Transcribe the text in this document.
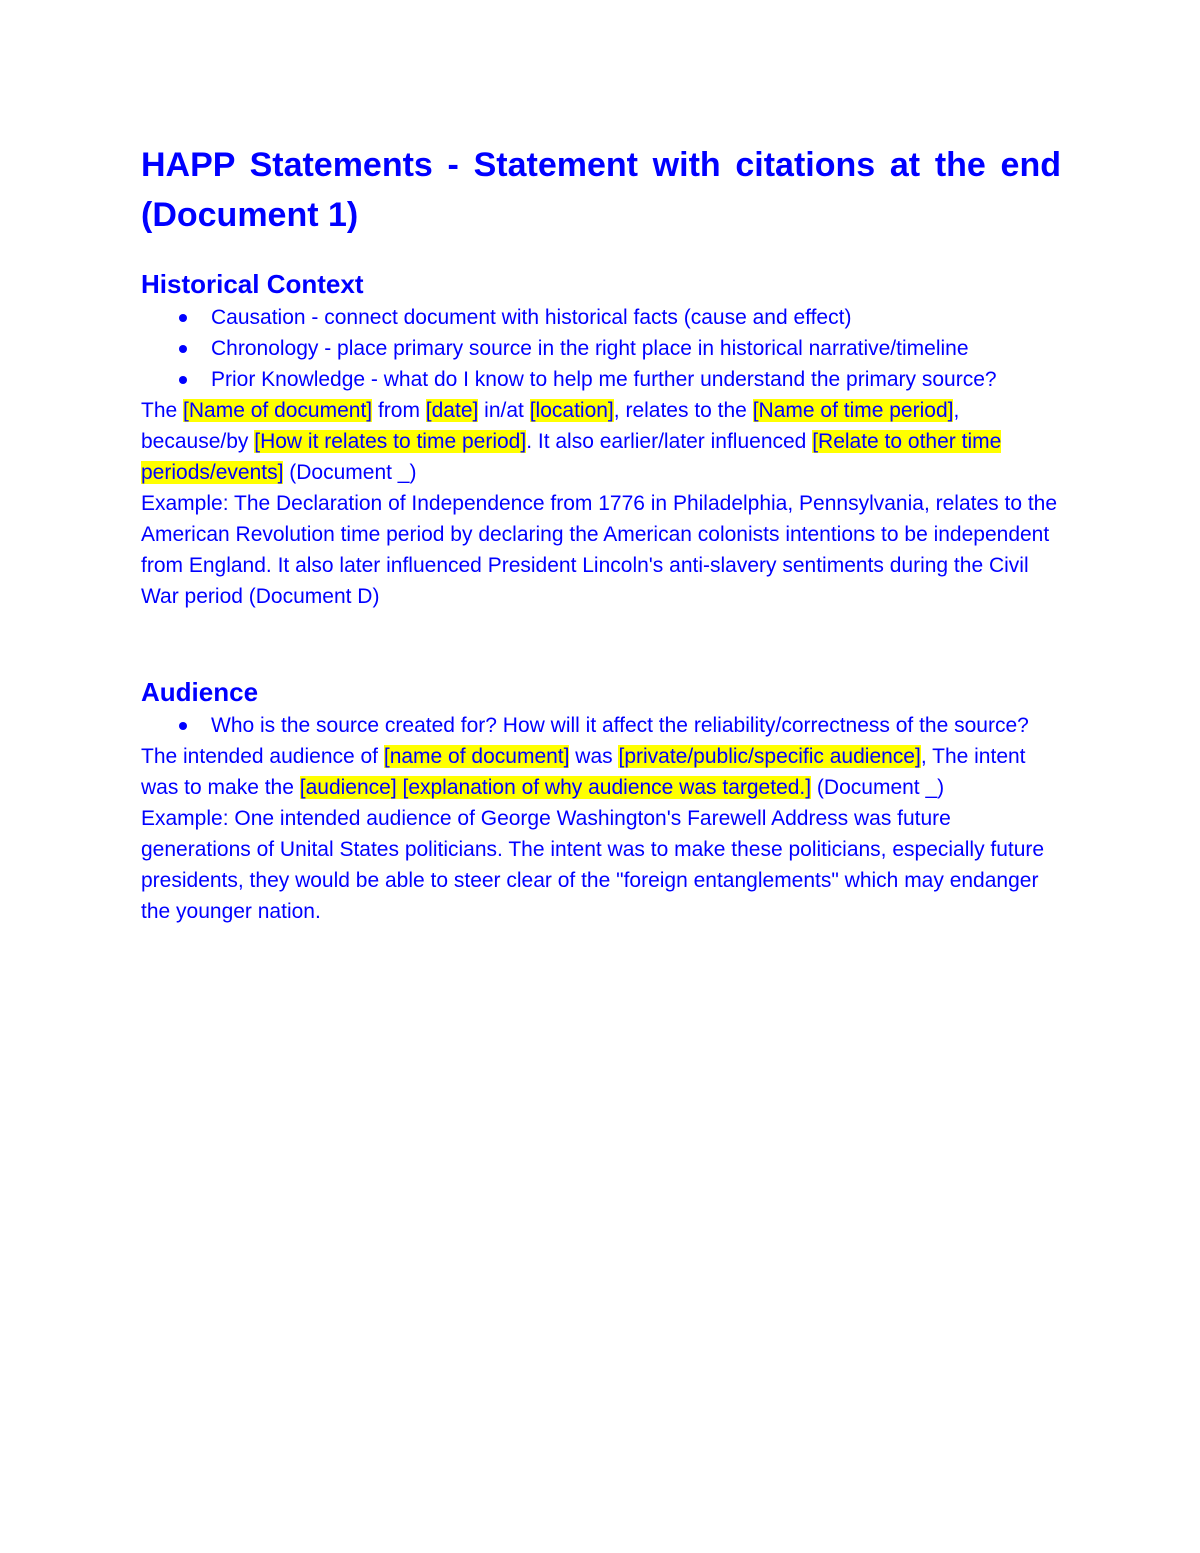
HAPP Statements - Statement with citations at the end (Document 1)
Historical Context
Causation - connect document with historical facts (cause and effect)
Chronology - place primary source in the right place in historical narrative/timeline
Prior Knowledge - what do I know to help me further understand the primary source?

The [Name of document] from [date] in/at [location], relates to the [Name of time period], because/by [How it relates to time period]. It also earlier/later influenced [Relate to other time periods/events] (Document _)

Example: The Declaration of Independence from 1776 in Philadelphia, Pennsylvania, relates to the American Revolution time period by declaring the American colonists intentions to be independent from England. It also later influenced President Lincoln's anti-slavery sentiments during the Civil War period (Document D)

Audience
Who is the source created for? How will it affect the reliability/correctness of the source?

The intended audience of [name of document] was [private/public/specific audience], The intent was to make the [audience] [explanation of why audience was targeted.] (Document _)

Example: One intended audience of George Washington's Farewell Address was future generations of Unital States politicians. The intent was to make these politicians, especially future presidents, they would be able to steer clear of the "foreign entanglements" which may endanger the younger nation.
